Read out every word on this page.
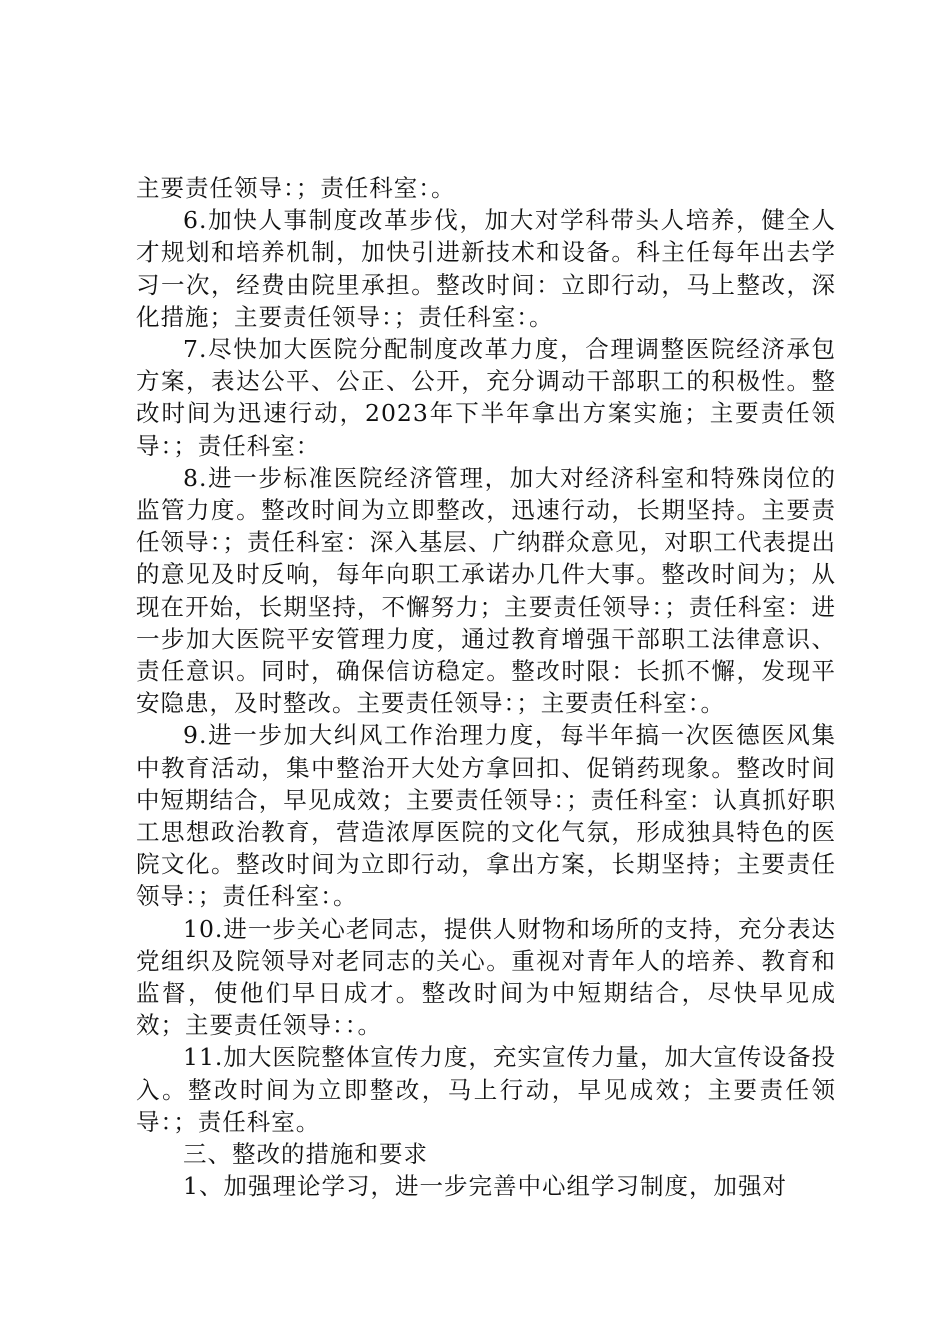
主要责任领导：；责任科室：。

6.加快人事制度改革步伐，加大对学科带头人培养，健全人才规划和培养机制，加快引进新技术和设备。科主任每年出去学习一次，经费由院里承担。整改时间：立即行动，马上整改，深化措施；主要责任领导：；责任科室：。

7.尽快加大医院分配制度改革力度，合理调整医院经济承包方案，表达公平、公正、公开，充分调动干部职工的积极性。整改时间为迅速行动，2023年下半年拿出方案实施；主要责任领导：；责任科室：

8.进一步标准医院经济管理，加大对经济科室和特殊岗位的监管力度。整改时间为立即整改，迅速行动，长期坚持。主要责任领导：；责任科室：深入基层、广纳群众意见，对职工代表提出的意见及时反响，每年向职工承诺办几件大事。整改时间为；从现在开始，长期坚持，不懈努力；主要责任领导：；责任科室：进一步加大医院平安管理力度，通过教育增强干部职工法律意识、责任意识。同时，确保信访稳定。整改时限：长抓不懈，发现平安隐患，及时整改。主要责任领导：；主要责任科室：。

9.进一步加大纠风工作治理力度，每半年搞一次医德医风集中教育活动，集中整治开大处方拿回扣、促销药现象。整改时间中短期结合，早见成效；主要责任领导：；责任科室：认真抓好职工思想政治教育，营造浓厚医院的文化气氛，形成独具特色的医院文化。整改时间为立即行动，拿出方案，长期坚持；主要责任领导：；责任科室：。

10.进一步关心老同志，提供人财物和场所的支持，充分表达党组织及院领导对老同志的关心。重视对青年人的培养、教育和监督，使他们早日成才。整改时间为中短期结合，尽快早见成效；主要责任领导：：。

11.加大医院整体宣传力度，充实宣传力量，加大宣传设备投入。整改时间为立即整改，马上行动，早见成效；主要责任领导：；责任科室。

三、整改的措施和要求

1、加强理论学习，进一步完善中心组学习制度，加强对
